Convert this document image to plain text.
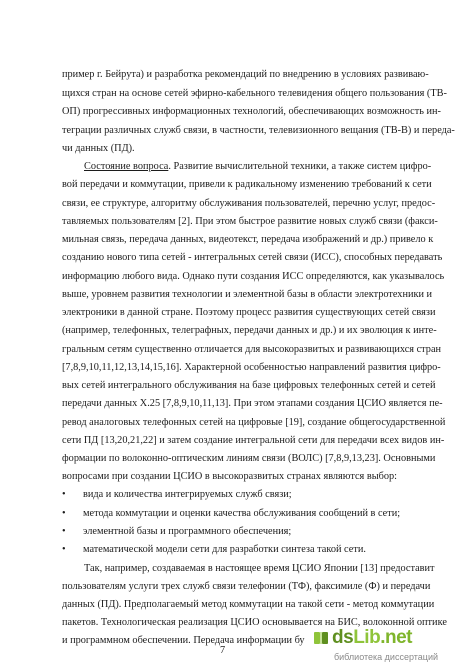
пример г. Бейрута) и разработка рекомендаций по внедрению в условиях развиваю-
щихся стран на основе сетей эфирно-кабельного телевидения общего пользования (ТВ-
ОП) прогрессивных информационных технологий, обеспечивающих возможность ин-
теграции различных служб связи, в частности, телевизионного вещания (ТВ-В) и переда-
чи данных (ПД).
Состояние вопроса. Развитие вычислительной техники, а также систем цифро-
вой передачи и коммутации, привели к радикальному изменению требований к сети
связи, ее структуре, алгоритму обслуживания пользователей, перечню услуг, предос-
тавляемых пользователям [2]. При этом быстрое развитие новых служб связи (факси-
мильная связь, передача данных, видеотекст, передача изображений и др.) привело к
созданию нового типа сетей - интегральных сетей связи (ИСС), способных передавать
информацию любого вида. Однако пути создания ИСС определяются, как указывалось
выше, уровнем развития технологии и элементной базы в области электротехники и
электроники в данной стране. Поэтому процесс развития существующих сетей связи
(например, телефонных, телеграфных, передачи данных и др.) и их эволюция к инте-
гральным сетям существенно отличается для высокоразвитых и развивающихся стран
[7,8,9,10,11,12,13,14,15,16]. Характерной особенностью направлений развития цифро-
вых сетей интегрального обслуживания на базе цифровых телефонных сетей и сетей
передачи данных Х.25 [7,8,9,10,11,13]. При этом этапами создания ЦСИО является пе-
ревод аналоговых телефонных сетей на цифровые [19], создание общегосударственной
сети ПД [13,20,21,22] и затем создание интегральной сети для передачи всех видов ин-
формации по волоконно-оптическим линиям связи (ВОЛС) [7,8,9,13,23]. Основными
вопросами при создании ЦСИО в высокоразвитых странах являются выбор:
• вида и количества интегрируемых служб связи;
• метода коммутации и оценки качества обслуживания сообщений в сети;
• элементной базы и программного обеспечения;
• математической модели сети для разработки синтеза такой сети.
Так, например, создаваемая в настоящее время ЦСИО Японии [13] предоставит
пользователям услуги трех служб связи телефонии (ТФ), факсимиле (Ф) и передачи
данных (ПД). Предполагаемый метод коммутации на такой сети - метод коммутации
пакетов. Технологическая реализация ЦСИО основывается на БИС, волоконной оптике
и программном обеспечении. Передача информации бу
7
dsLib.net
библиотека диссертаций
